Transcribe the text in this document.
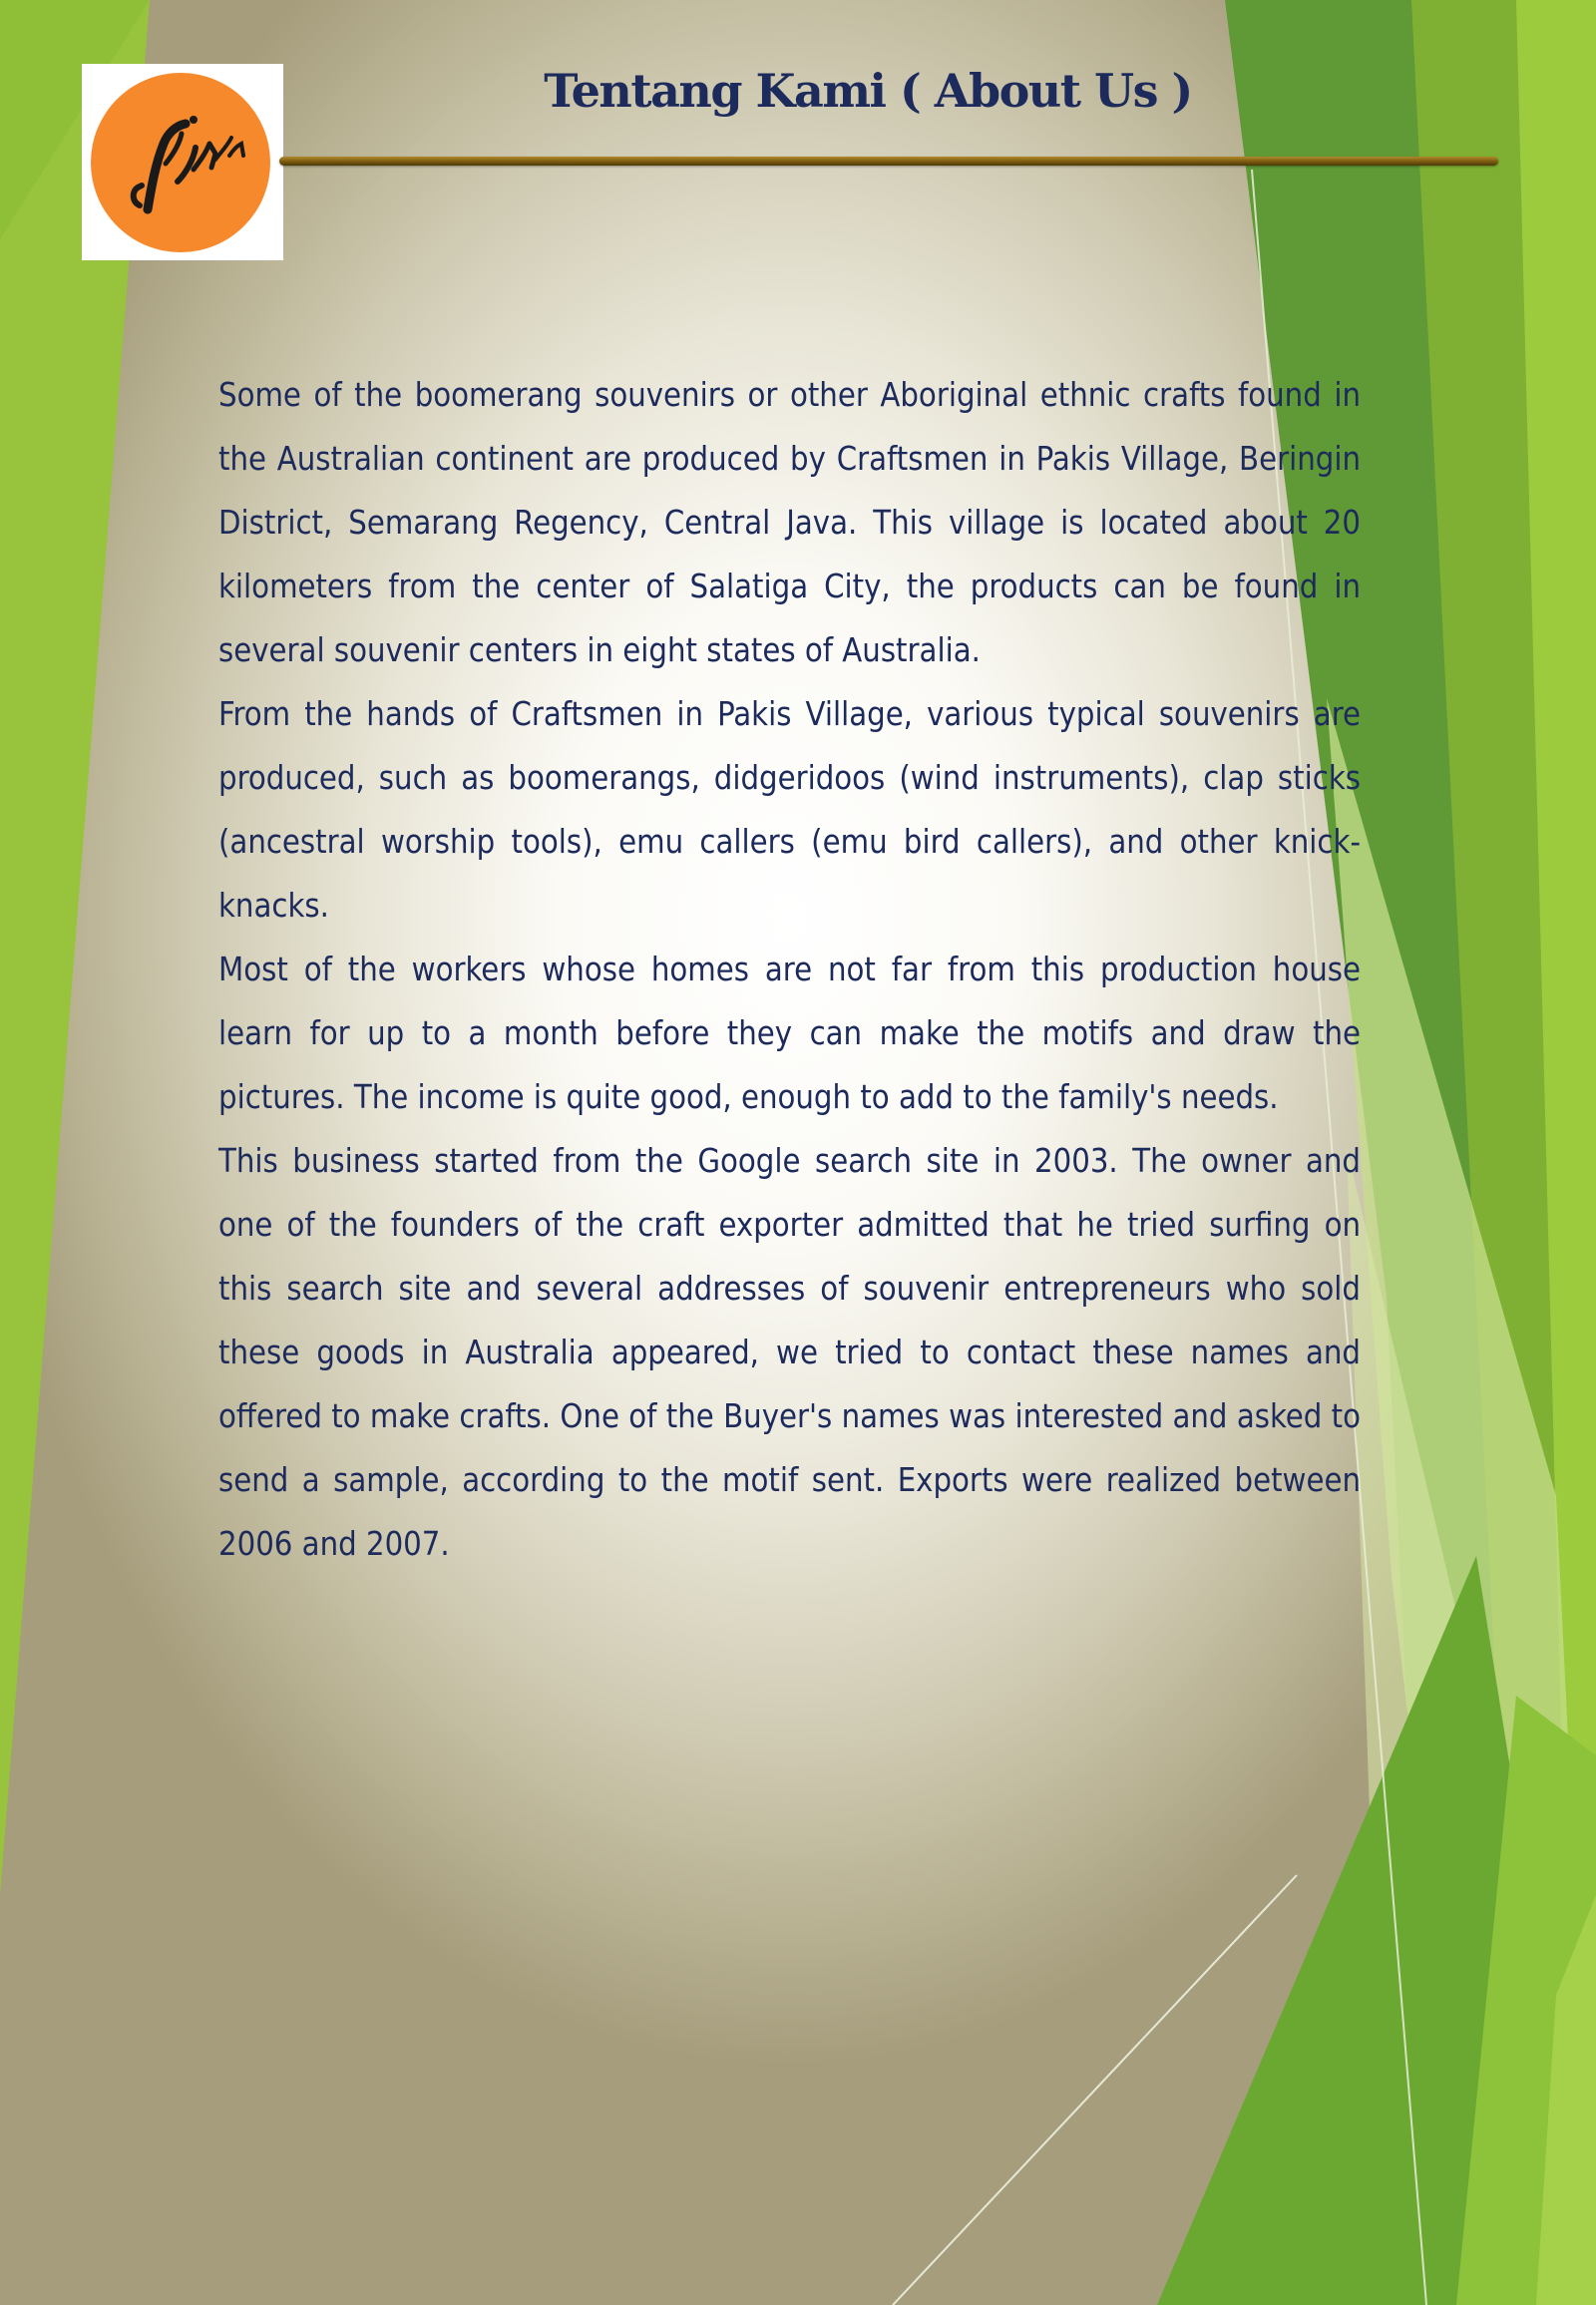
Tentang Kami ( About Us )

Some of the boomerang souvenirs or other Aboriginal ethnic crafts found in the Australian continent are produced by Craftsmen in Pakis Village, Beringin District, Semarang Regency, Central Java. This village is located about 20 kilometers from the center of Salatiga City, the products can be found in several souvenir centers in eight states of Australia.

From the hands of Craftsmen in Pakis Village, various typical souvenirs are produced, such as boomerangs, didgeridoos (wind instruments), clap sticks (ancestral worship tools), emu callers (emu bird callers), and other knick-knacks.

Most of the workers whose homes are not far from this production house learn for up to a month before they can make the motifs and draw the pictures. The income is quite good, enough to add to the family's needs.

This business started from the Google search site in 2003. The owner and one of the founders of the craft exporter admitted that he tried surfing on this search site and several addresses of souvenir entrepreneurs who sold these goods in Australia appeared, we tried to contact these names and offered to make crafts. One of the Buyer's names was interested and asked to send a sample, according to the motif sent. Exports were realized between 2006 and 2007.
